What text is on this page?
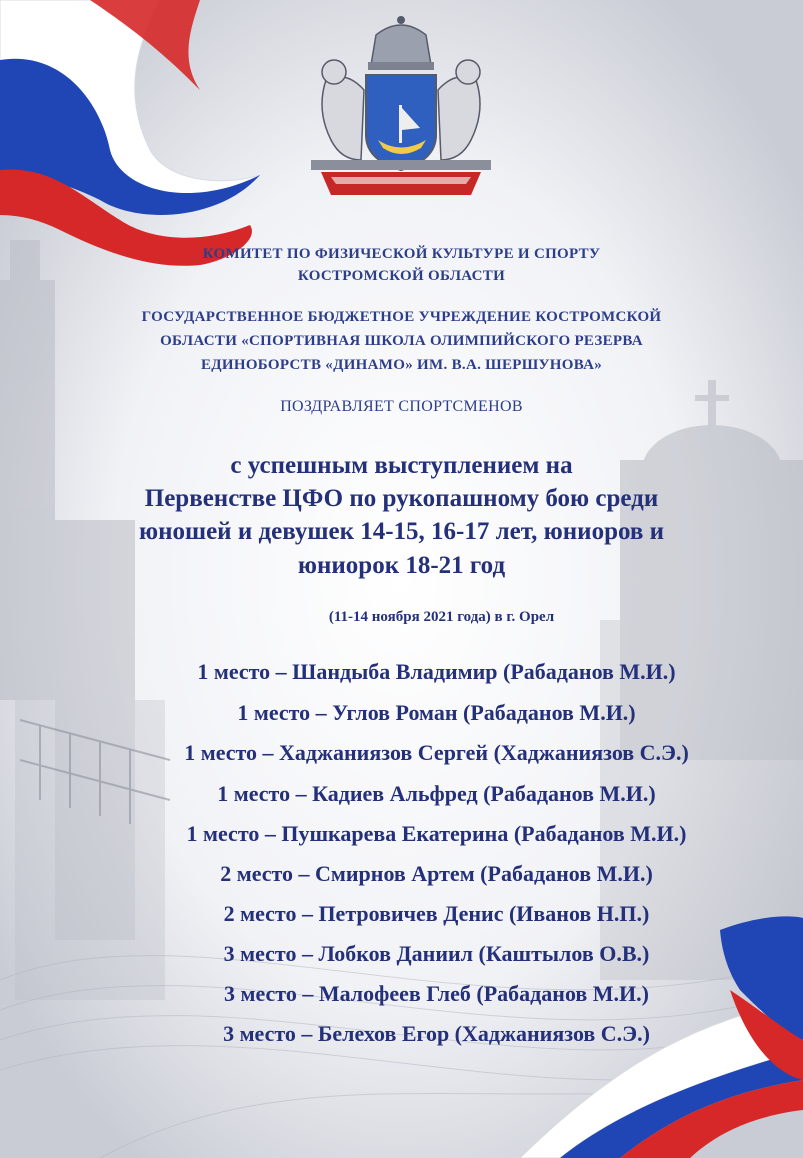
КОМИТЕТ ПО ФИЗИЧЕСКОЙ КУЛЬТУРЕ И СПОРТУ
КОСТРОМСКОЙ ОБЛАСТИ
ГОСУДАРСТВЕННОЕ БЮДЖЕТНОЕ УЧРЕЖДЕНИЕ КОСТРОМСКОЙ
ОБЛАСТИ «СПОРТИВНАЯ ШКОЛА ОЛИМПИЙСКОГО РЕЗЕРВА
ЕДИНОБОРСТВ «ДИНАМО» ИМ. В.А. ШЕРШУНОВА»
ПОЗДРАВЛЯЕТ СПОРТСМЕНОВ
с успешным выступлением на
Первенстве ЦФО по рукопашному бою среди
юношей и девушек 14-15, 16-17 лет, юниоров и
юниорок 18-21 год
(11-14 ноября 2021 года) в г. Орел
1 место – Шандыба Владимир (Рабаданов М.И.)
1 место – Углов Роман (Рабаданов М.И.)
1 место – Хаджаниязов Сергей (Хаджаниязов С.Э.)
1 место – Кадиев Альфред (Рабаданов М.И.)
1 место – Пушкарева Екатерина (Рабаданов М.И.)
2 место – Смирнов Артем (Рабаданов М.И.)
2 место – Петровичев Денис (Иванов Н.П.)
3 место – Лобков Даниил (Каштылов О.В.)
3 место – Малофеев Глеб (Рабаданов М.И.)
3 место – Белехов Егор (Хаджаниязов С.Э.)
